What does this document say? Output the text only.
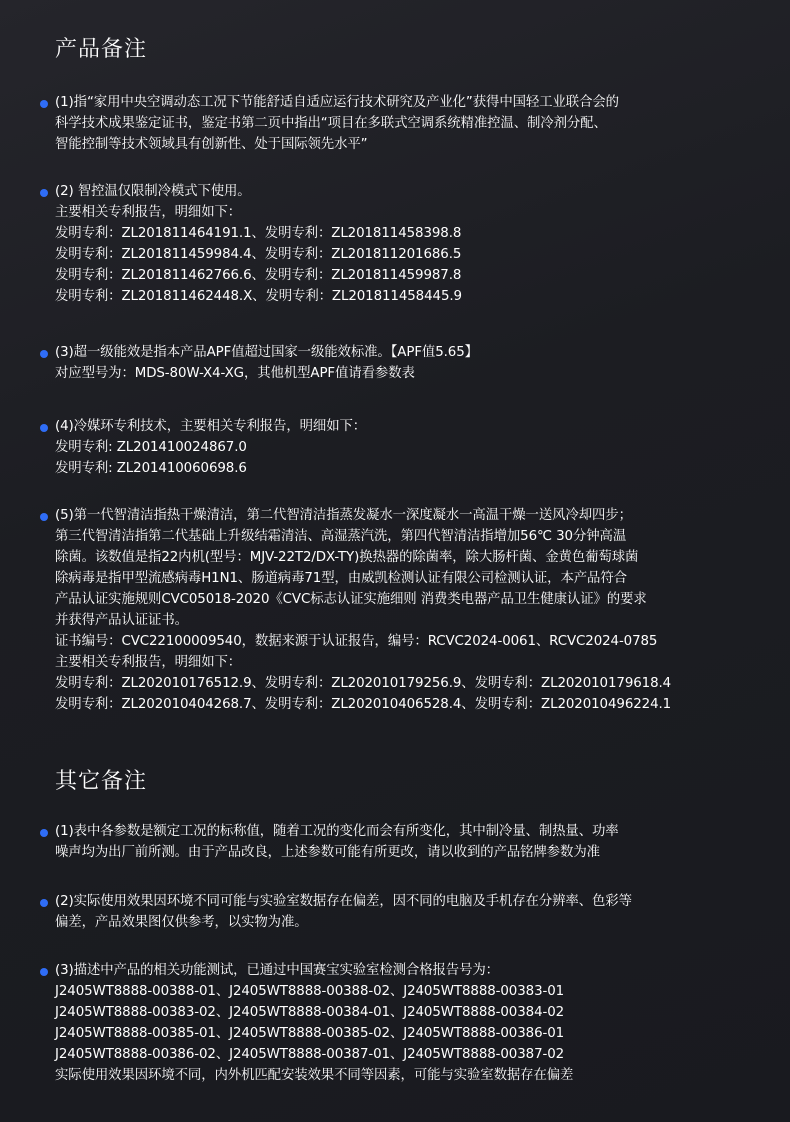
产品备注
(1)指“家用中央空调动态工况下节能舒适自适应运行技术研究及产业化”获得中国轻工业联合会的
科学技术成果鉴定证书，鉴定书第二页中指出“项目在多联式空调系统精准控温、制冷剂分配、
智能控制等技术领域具有创新性、处于国际领先水平”
(2) 智控温仅限制冷模式下使用。
主要相关专利报告，明细如下：
发明专利：ZL201811464191.1、发明专利：ZL201811458398.8
发明专利：ZL201811459984.4、发明专利：ZL201811201686.5
发明专利：ZL201811462766.6、发明专利：ZL201811459987.8
发明专利：ZL201811462448.X、发明专利：ZL201811458445.9
(3)超一级能效是指本产品APF值超过国家一级能效标准。【APF值5.65】
对应型号为：MDS-80W-X4-XG，其他机型APF值请看参数表
(4)冷媒环专利技术，主要相关专利报告，明细如下：
发明专利: ZL201410024867.0
发明专利: ZL201410060698.6
(5)第一代智清洁指热干燥清洁，第二代智清洁指蒸发凝水一深度凝水一高温干燥一送风冷却四步；
第三代智清洁指第二代基础上升级结霜清洁、高湿蒸汽洗，第四代智清洁指增加56℃ 30分钟高温
除菌。该数值是指22内机(型号：MJV-22T2/DX-TY)换热器的除菌率，除大肠杆菌、金黄色葡萄球菌
除病毒是指甲型流感病毒H1N1、肠道病毒71型，由威凯检测认证有限公司检测认证，本产品符合
产品认证实施规则CVC05018-2020《CVC标志认证实施细则 消费类电器产品卫生健康认证》的要求
并获得产品认证证书。
证书编号：CVC22100009540，数据来源于认证报告，编号：RCVC2024-0061、RCVC2024-0785
主要相关专利报告，明细如下：
发明专利：ZL202010176512.9、发明专利：ZL202010179256.9、发明专利：ZL202010179618.4
发明专利：ZL202010404268.7、发明专利：ZL202010406528.4、发明专利：ZL202010496224.1
其它备注
(1)表中各参数是额定工况的标称值，随着工况的变化而会有所变化，其中制冷量、制热量、功率
噪声均为出厂前所测。由于产品改良，上述参数可能有所更改，请以收到的产品铭牌参数为准
(2)实际使用效果因环境不同可能与实验室数据存在偏差，因不同的电脑及手机存在分辨率、色彩等
偏差，产品效果图仅供参考，以实物为准。
(3)描述中产品的相关功能测试，已通过中国赛宝实验室检测合格报告号为：
J2405WT8888-00388-01、J2405WT8888-00388-02、J2405WT8888-00383-01
J2405WT8888-00383-02、J2405WT8888-00384-01、J2405WT8888-00384-02
J2405WT8888-00385-01、J2405WT8888-00385-02、J2405WT8888-00386-01
J2405WT8888-00386-02、J2405WT8888-00387-01、J2405WT8888-00387-02
实际使用效果因环境不同，内外机匹配安装效果不同等因素，可能与实验室数据存在偏差
